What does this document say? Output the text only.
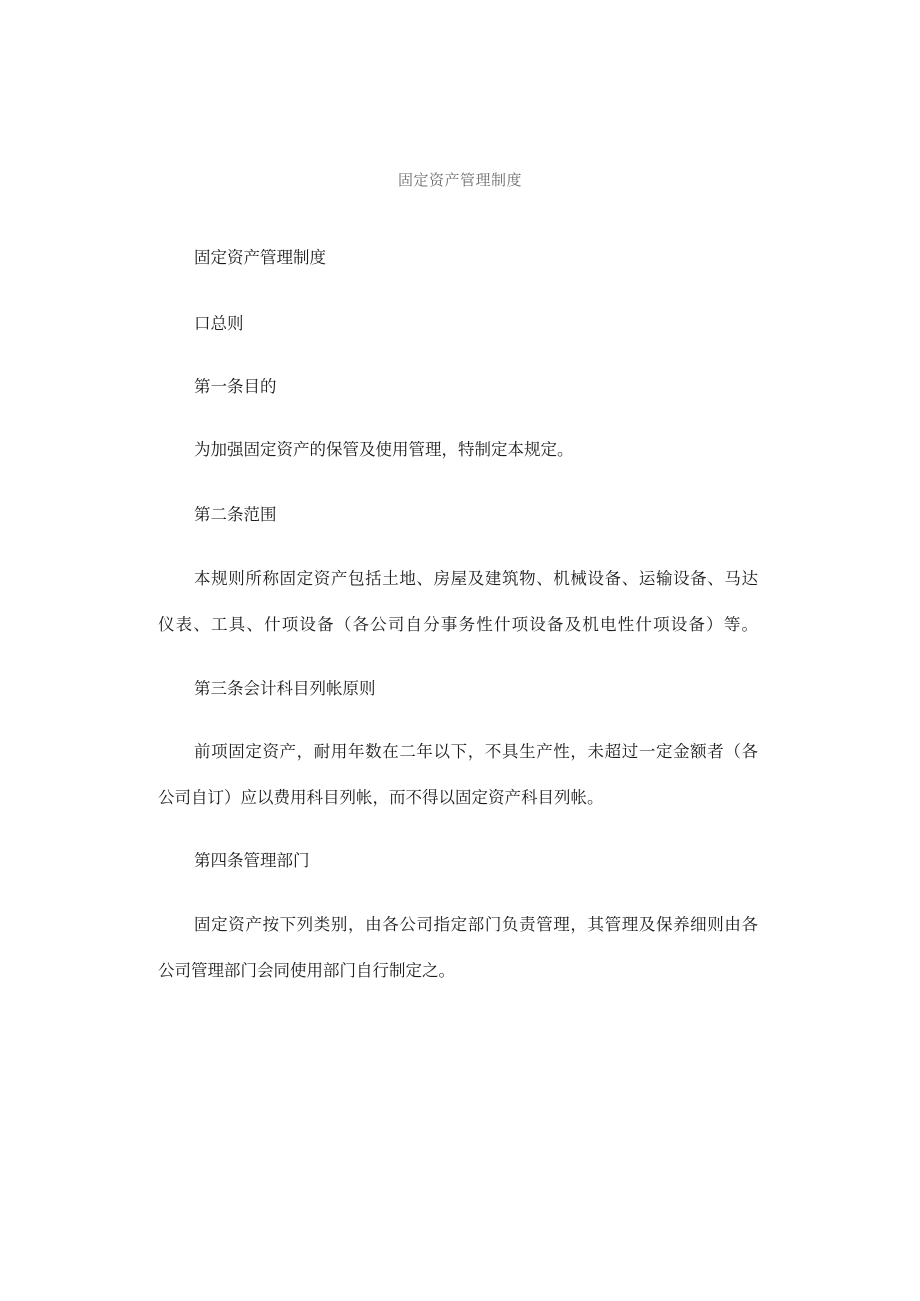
固定资产管理制度
固定资产管理制度
口总则
第一条目的
为加强固定资产的保管及使用管理，特制定本规定。
第二条范围
本规则所称固定资产包括土地、房屋及建筑物、机械设备、运输设备、马达
仪表、工具、什项设备（各公司自分事务性什项设备及机电性什项设备）等。
第三条会计科目列帐原则
前项固定资产，耐用年数在二年以下，不具生产性，未超过一定金额者（各
公司自订）应以费用科目列帐，而不得以固定资产科目列帐。
第四条管理部门
固定资产按下列类别，由各公司指定部门负责管理，其管理及保养细则由各
公司管理部门会同使用部门自行制定之。
